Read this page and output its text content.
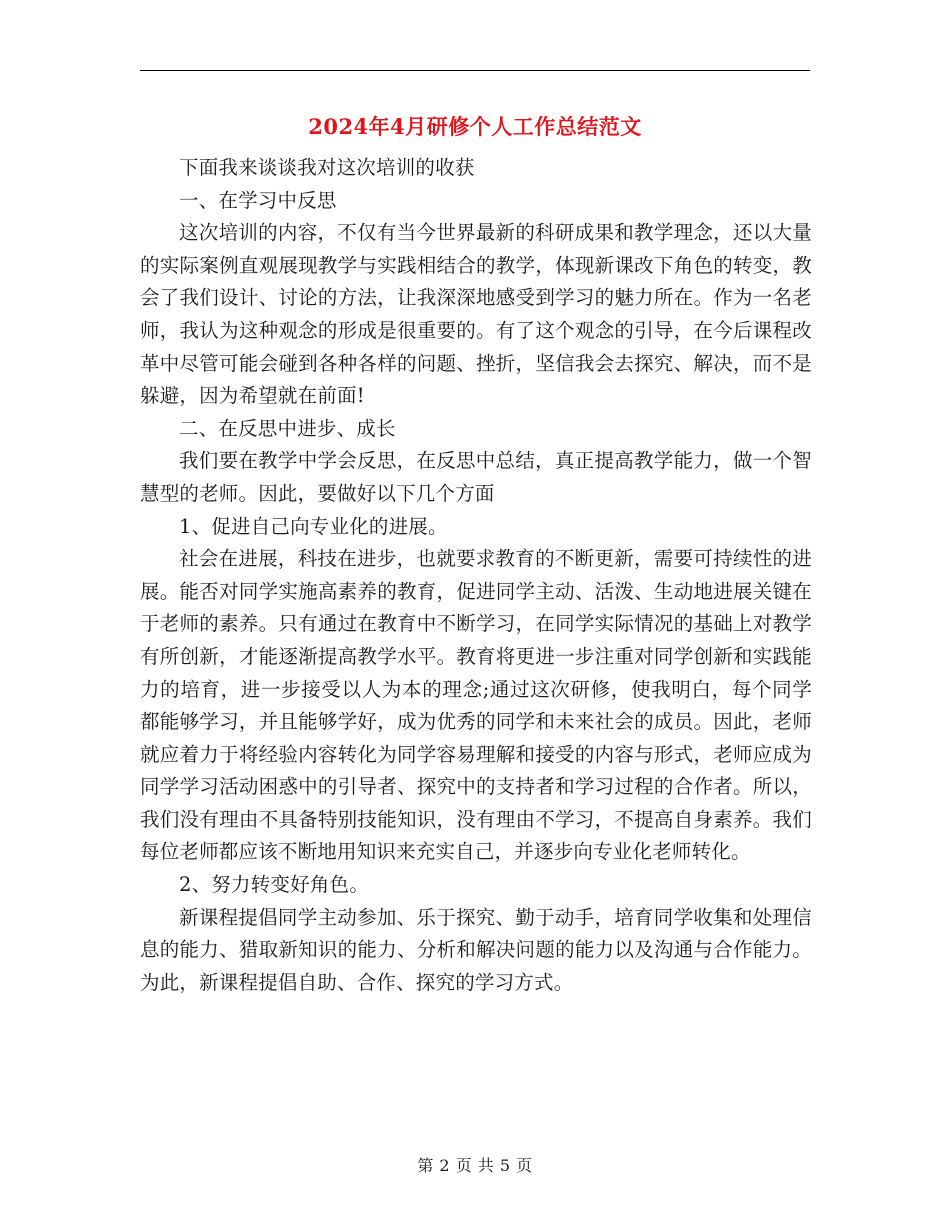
2024年4月研修个人工作总结范文

下面我来谈谈我对这次培训的收获

一、在学习中反思

这次培训的内容，不仅有当今世界最新的科研成果和教学理念，还以大量的实际案例直观展现教学与实践相结合的教学，体现新课改下角色的转变，教会了我们设计、讨论的方法，让我深深地感受到学习的魅力所在。作为一名老师，我认为这种观念的形成是很重要的。有了这个观念的引导，在今后课程改革中尽管可能会碰到各种各样的问题、挫折，坚信我会去探究、解决，而不是躲避，因为希望就在前面!

二、在反思中进步、成长

我们要在教学中学会反思，在反思中总结，真正提高教学能力，做一个智慧型的老师。因此，要做好以下几个方面

1、促进自己向专业化的进展。

社会在进展，科技在进步，也就要求教育的不断更新，需要可持续性的进展。能否对同学实施高素养的教育，促进同学主动、活泼、生动地进展关键在于老师的素养。只有通过在教育中不断学习，在同学实际情况的基础上对教学有所创新，才能逐渐提高教学水平。教育将更进一步注重对同学创新和实践能力的培育，进一步接受以人为本的理念;通过这次研修，使我明白，每个同学都能够学习，并且能够学好，成为优秀的同学和未来社会的成员。因此，老师就应着力于将经验内容转化为同学容易理解和接受的内容与形式，老师应成为同学学习活动困惑中的引导者、探究中的支持者和学习过程的合作者。所以，我们没有理由不具备特别技能知识，没有理由不学习，不提高自身素养。我们每位老师都应该不断地用知识来充实自己，并逐步向专业化老师转化。

2、努力转变好角色。

新课程提倡同学主动参加、乐于探究、勤于动手，培育同学收集和处理信息的能力、猎取新知识的能力、分析和解决问题的能力以及沟通与合作能力。为此，新课程提倡自助、合作、探究的学习方式。

第 2 页 共 5 页
